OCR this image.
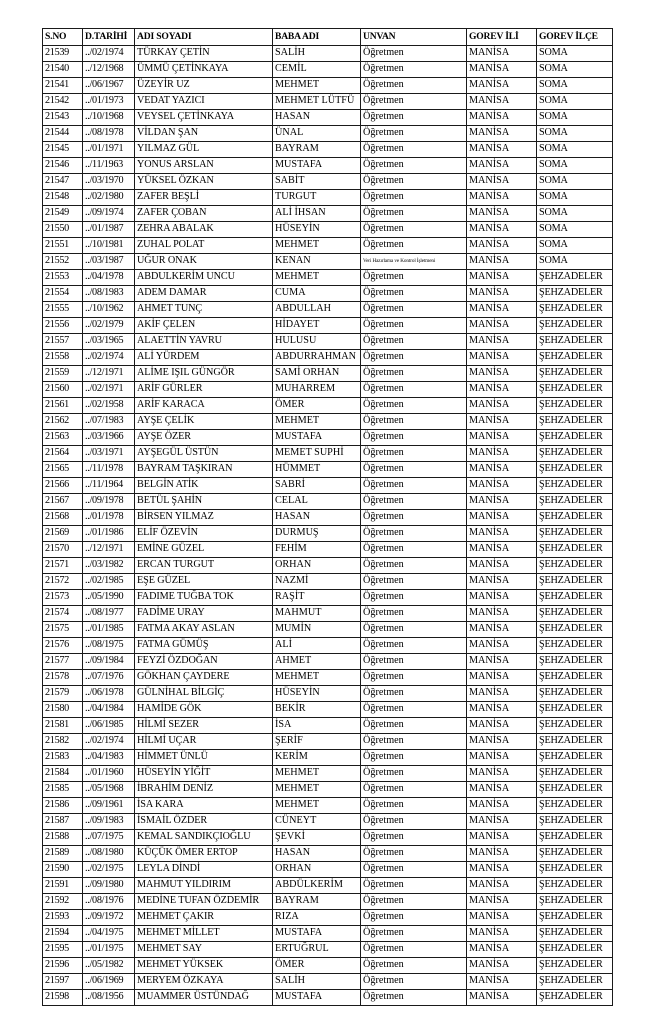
S.NO	D.TARİHİ	ADI SOYADI	BABA ADI	UNVAN	GOREV İLİ	GOREV İLÇE
21539	../02/1974	TÜRKAY ÇETİN	SALİH	Öğretmen	MANİSA	SOMA
21540	../12/1968	ÜMMÜ ÇETİNKAYA	CEMİL	Öğretmen	MANİSA	SOMA
21541	../06/1967	ÜZEYİR UZ	MEHMET	Öğretmen	MANİSA	SOMA
21542	../01/1973	VEDAT YAZICI	MEHMET LÜTFÜ	Öğretmen	MANİSA	SOMA
21543	../10/1968	VEYSEL ÇETİNKAYA	HASAN	Öğretmen	MANİSA	SOMA
21544	../08/1978	VİLDAN ŞAN	ÜNAL	Öğretmen	MANİSA	SOMA
21545	../01/1971	YILMAZ GÜL	BAYRAM	Öğretmen	MANİSA	SOMA
21546	../11/1963	YONUS ARSLAN	MUSTAFA	Öğretmen	MANİSA	SOMA
21547	../03/1970	YÜKSEL ÖZKAN	SABİT	Öğretmen	MANİSA	SOMA
21548	../02/1980	ZAFER BEŞLİ	TURGUT	Öğretmen	MANİSA	SOMA
21549	../09/1974	ZAFER ÇOBAN	ALİ İHSAN	Öğretmen	MANİSA	SOMA
21550	../01/1987	ZEHRA ABALAK	HÜSEYİN	Öğretmen	MANİSA	SOMA
21551	../10/1981	ZUHAL POLAT	MEHMET	Öğretmen	MANİSA	SOMA
21552	../03/1987	UĞUR ONAK	KENAN	Veri Hazırlama ve Kontrol İşletmeni	MANİSA	SOMA
21553	../04/1978	ABDULKERİM UNCU	MEHMET	Öğretmen	MANİSA	ŞEHZADELER
21554	../08/1983	ADEM DAMAR	CUMA	Öğretmen	MANİSA	ŞEHZADELER
21555	../10/1962	AHMET TUNÇ	ABDULLAH	Öğretmen	MANİSA	ŞEHZADELER
21556	../02/1979	AKİF ÇELEN	HİDAYET	Öğretmen	MANİSA	ŞEHZADELER
21557	../03/1965	ALAETTİN YAVRU	HULUSU	Öğretmen	MANİSA	ŞEHZADELER
21558	../02/1974	ALİ YÜRDEM	ABDURRAHMAN	Öğretmen	MANİSA	ŞEHZADELER
21559	../12/1971	ALİME IŞIL GÜNGÖR	SAMİ ORHAN	Öğretmen	MANİSA	ŞEHZADELER
21560	../02/1971	ARİF GÜRLER	MUHARREM	Öğretmen	MANİSA	ŞEHZADELER
21561	../02/1958	ARİF KARACA	ÖMER	Öğretmen	MANİSA	ŞEHZADELER
21562	../07/1983	AYŞE ÇELİK	MEHMET	Öğretmen	MANİSA	ŞEHZADELER
21563	../03/1966	AYŞE ÖZER	MUSTAFA	Öğretmen	MANİSA	ŞEHZADELER
21564	../03/1971	AYŞEGÜL ÜSTÜN	MEMET SUPHİ	Öğretmen	MANİSA	ŞEHZADELER
21565	../11/1978	BAYRAM TAŞKIRAN	HÜMMET	Öğretmen	MANİSA	ŞEHZADELER
21566	../11/1964	BELGİN ATİK	SABRİ	Öğretmen	MANİSA	ŞEHZADELER
21567	../09/1978	BETÜL ŞAHİN	CELAL	Öğretmen	MANİSA	ŞEHZADELER
21568	../01/1978	BİRSEN YILMAZ	HASAN	Öğretmen	MANİSA	ŞEHZADELER
21569	../01/1986	ELİF ÖZEVİN	DURMUŞ	Öğretmen	MANİSA	ŞEHZADELER
21570	../12/1971	EMİNE GÜZEL	FEHİM	Öğretmen	MANİSA	ŞEHZADELER
21571	../03/1982	ERCAN TURGUT	ORHAN	Öğretmen	MANİSA	ŞEHZADELER
21572	../02/1985	EŞE GÜZEL	NAZMİ	Öğretmen	MANİSA	ŞEHZADELER
21573	../05/1990	FADIME TUĞBA TOK	RAŞİT	Öğretmen	MANİSA	ŞEHZADELER
21574	../08/1977	FADİME URAY	MAHMUT	Öğretmen	MANİSA	ŞEHZADELER
21575	../01/1985	FATMA AKAY ASLAN	MUMİN	Öğretmen	MANİSA	ŞEHZADELER
21576	../08/1975	FATMA GÜMÜŞ	ALİ	Öğretmen	MANİSA	ŞEHZADELER
21577	../09/1984	FEYZİ ÖZDOĞAN	AHMET	Öğretmen	MANİSA	ŞEHZADELER
21578	../07/1976	GÖKHAN ÇAYDERE	MEHMET	Öğretmen	MANİSA	ŞEHZADELER
21579	../06/1978	GÜLNİHAL BİLGİÇ	HÜSEYİN	Öğretmen	MANİSA	ŞEHZADELER
21580	../04/1984	HAMİDE GÖK	BEKİR	Öğretmen	MANİSA	ŞEHZADELER
21581	../06/1985	HİLMİ SEZER	İSA	Öğretmen	MANİSA	ŞEHZADELER
21582	../02/1974	HİLMİ UÇAR	ŞERİF	Öğretmen	MANİSA	ŞEHZADELER
21583	../04/1983	HİMMET ÜNLÜ	KERİM	Öğretmen	MANİSA	ŞEHZADELER
21584	../01/1960	HÜSEYİN YİĞİT	MEHMET	Öğretmen	MANİSA	ŞEHZADELER
21585	../05/1968	İBRAHİM DENİZ	MEHMET	Öğretmen	MANİSA	ŞEHZADELER
21586	../09/1961	İSA KARA	MEHMET	Öğretmen	MANİSA	ŞEHZADELER
21587	../09/1983	İSMAİL ÖZDER	CÜNEYT	Öğretmen	MANİSA	ŞEHZADELER
21588	../07/1975	KEMAL SANDIKÇIOĞLU	ŞEVKİ	Öğretmen	MANİSA	ŞEHZADELER
21589	../08/1980	KÜÇÜK ÖMER ERTOP	HASAN	Öğretmen	MANİSA	ŞEHZADELER
21590	../02/1975	LEYLA DİNDİ	ORHAN	Öğretmen	MANİSA	ŞEHZADELER
21591	../09/1980	MAHMUT YILDIRIM	ABDÜLKERİM	Öğretmen	MANİSA	ŞEHZADELER
21592	../08/1976	MEDİNE TUFAN ÖZDEMİR	BAYRAM	Öğretmen	MANİSA	ŞEHZADELER
21593	../09/1972	MEHMET ÇAKIR	RIZA	Öğretmen	MANİSA	ŞEHZADELER
21594	../04/1975	MEHMET MİLLET	MUSTAFA	Öğretmen	MANİSA	ŞEHZADELER
21595	../01/1975	MEHMET SAY	ERTUĞRUL	Öğretmen	MANİSA	ŞEHZADELER
21596	../05/1982	MEHMET YÜKSEK	ÖMER	Öğretmen	MANİSA	ŞEHZADELER
21597	../06/1969	MERYEM ÖZKAYA	SALİH	Öğretmen	MANİSA	ŞEHZADELER
21598	../08/1956	MUAMMER ÜSTÜNDAĞ	MUSTAFA	Öğretmen	MANİSA	ŞEHZADELER
